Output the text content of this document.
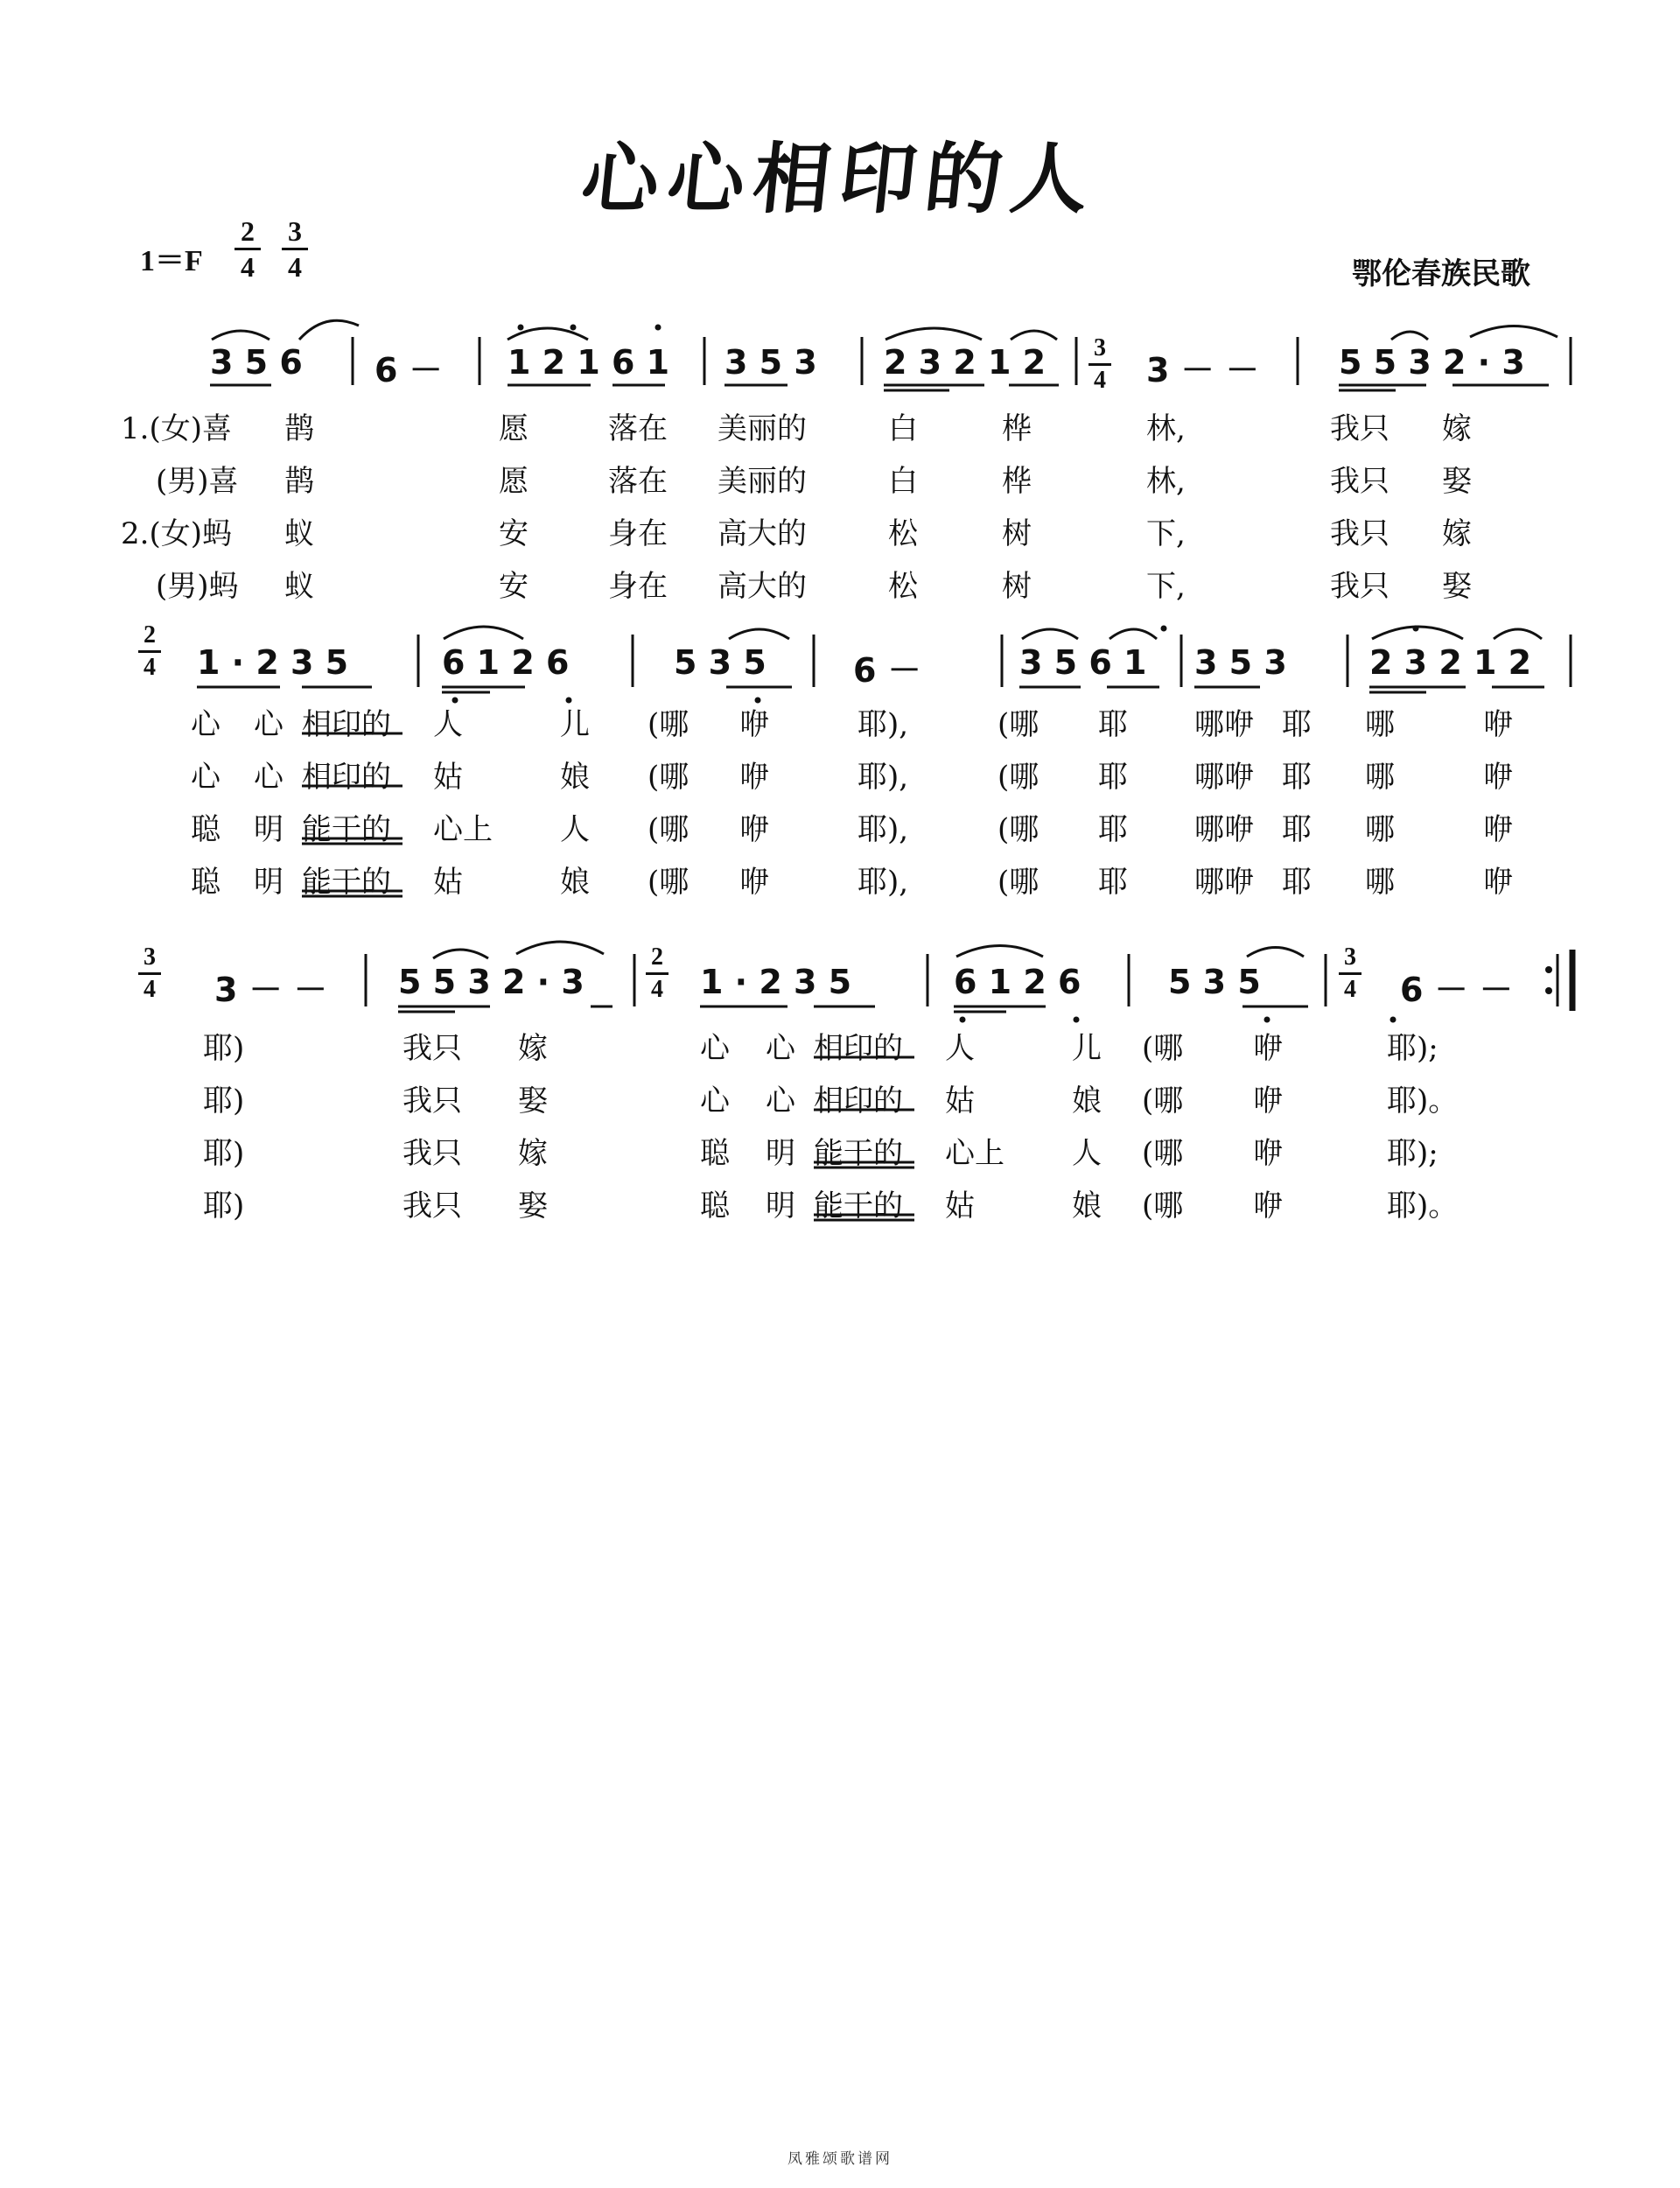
心心相印的人
1＝F
2
4
3
4	鄂伦春族民歌
3 5 6 6 － 1 2 1 6 1 3 5 3 2 3 2 1 2 3
4 3 － － 5 5 3 2 · 3
1.(女)喜 鹊	愿	落在 美丽的	白	桦	林,	我只 嫁
(男)喜 鹊	愿	落在 美丽的	白	桦	林,	我只 娶
2.(女)蚂 蚁	安	身在 高大的	松	树	下,	我只 嫁
(男)蚂 蚁	安	身在 高大的	松	树	下,	我只 娶
2
4 1 · 2 3 5	6 1 2 6	5 3 5	6 －	3 5 6 1 3 5 3 2 3 2 1 2
心 心 相印的 人	儿 (哪 咿	耶),	(哪 耶 哪咿 耶 哪	咿
心 心 相印的 姑	娘 (哪 咿	耶),	(哪 耶 哪咿 耶 哪	咿
聪 明 能干的 心上 人 (哪 咿	耶),	(哪 耶 哪咿 耶 哪	咿
聪 明 能干的 姑	娘 (哪 咿	耶),	(哪 耶 哪咿 耶 哪	咿
3
4 3 － － 5 5 3 2 · 3
2
4 1 · 2 3 5	6 1 2 6	5 3 5
3
4 6 － －
耶)	我只 嫁	心 心 相印的 人	儿 (哪 咿	耶);
耶)	我只 娶	心 心 相印的 姑	娘 (哪 咿	耶)。
耶)	我只 嫁	聪 明 能干的 心上 人 (哪 咿	耶);
耶)	我只 娶	聪 明 能干的 姑	娘 (哪 咿	耶)。
凤雅颂歌谱网
